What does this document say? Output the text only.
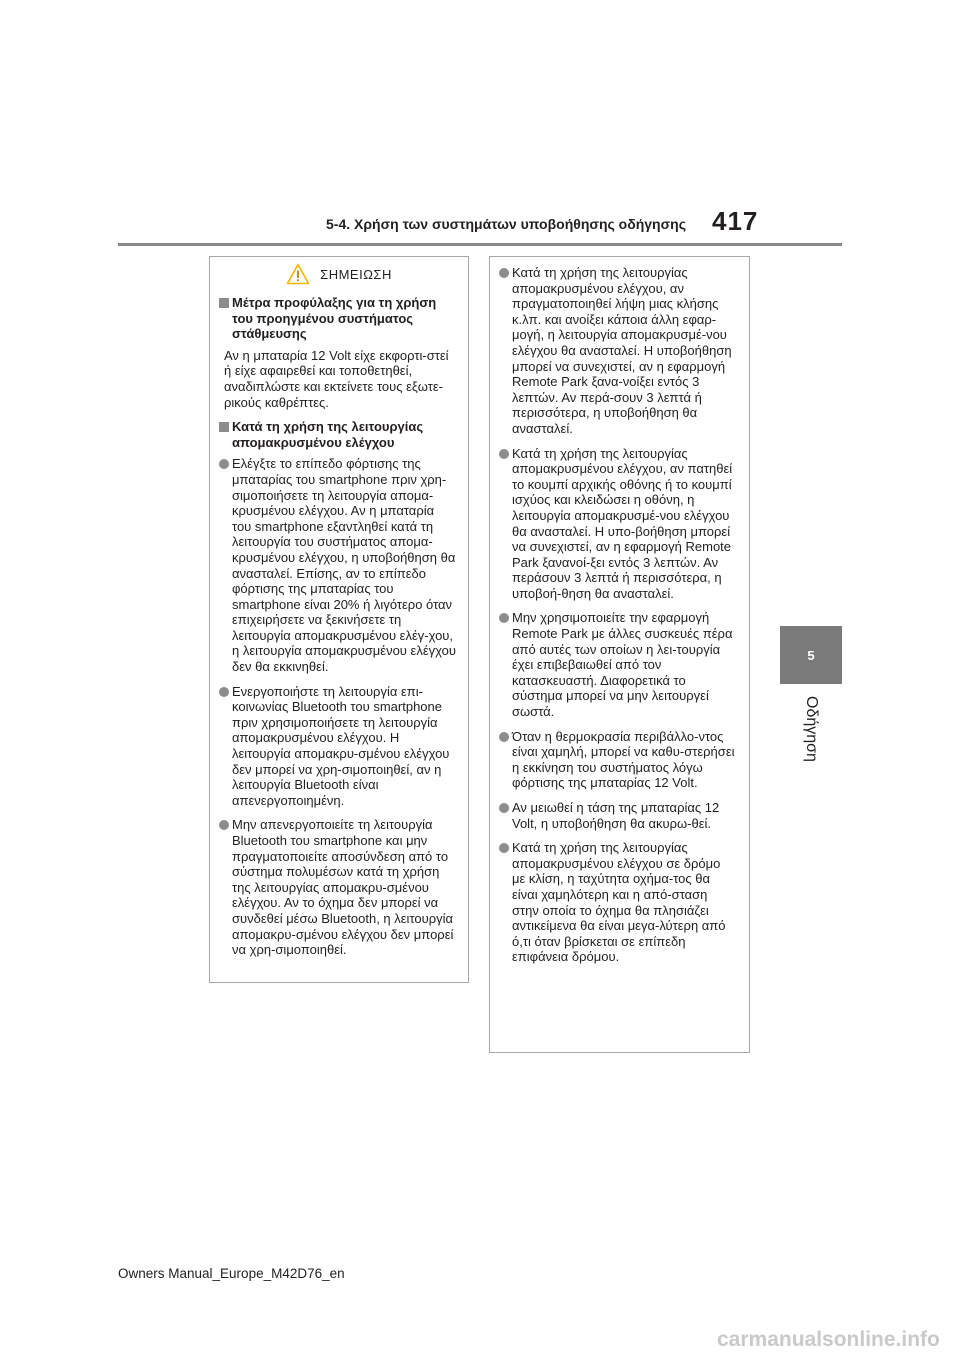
5-4. Χρήση των συστημάτων υποβοήθησης οδήγησης 417
5
Οδήγηση
ΣΗΜΕΙΩΣΗ
Μέτρα προφύλαξης για τη χρήση του προηγμένου συστήματος στάθμευσης
Αν η μπαταρία 12 Volt είχε εκφορτι-στεί ή είχε αφαιρεθεί και τοποθετηθεί, αναδιπλώστε και εκτείνετε τους εξωτε-ρικούς καθρέπτες.
Κατά τη χρήση της λειτουργίας απομακρυσμένου ελέγχου
Ελέγξτε το επίπεδο φόρτισης της μπαταρίας του smartphone πριν χρη-σιμοποιήσετε τη λειτουργία απομα-κρυσμένου ελέγχου. Αν η μπαταρία του smartphone εξαντληθεί κατά τη λειτουργία του συστήματος απομα-κρυσμένου ελέγχου, η υποβοήθηση θα ανασταλεί. Επίσης, αν το επίπεδο φόρτισης της μπαταρίας του smartphone είναι 20% ή λιγότερο όταν επιχειρήσετε να ξεκινήσετε τη λειτουργία απομακρυσμένου ελέγ-χου, η λειτουργία απομακρυσμένου ελέγχου δεν θα εκκινηθεί.
Ενεργοποιήστε τη λειτουργία επι-κοινωνίας Bluetooth του smartphone πριν χρησιμοποιήσετε τη λειτουργία απομακρυσμένου ελέγχου. Η λειτουργία απομακρυ-σμένου ελέγχου δεν μπορεί να χρη-σιμοποιηθεί, αν η λειτουργία Bluetooth είναι απενεργοποιημένη.
Μην απενεργοποιείτε τη λειτουργία Bluetooth του smartphone και μην πραγματοποιείτε αποσύνδεση από το σύστημα πολυμέσων κατά τη χρήση της λειτουργίας απομακρυ-σμένου ελέγχου. Αν το όχημα δεν μπορεί να συνδεθεί μέσω Bluetooth, η λειτουργία απομακρυ-σμένου ελέγχου δεν μπορεί να χρη-σιμοποιηθεί.
Κατά τη χρήση της λειτουργίας απομακρυσμένου ελέγχου, αν πραγματοποιηθεί λήψη μιας κλήσης κ.λπ. και ανοίξει κάποια άλλη εφαρ-μογή, η λειτουργία απομακρυσμέ-νου ελέγχου θα ανασταλεί. Η υποβοήθηση μπορεί να συνεχιστεί, αν η εφαρμογή Remote Park ξανα-νοίξει εντός 3 λεπτών. Αν περά-σουν 3 λεπτά ή περισσότερα, η υποβοήθηση θα ανασταλεί.
Κατά τη χρήση της λειτουργίας απομακρυσμένου ελέγχου, αν πατηθεί το κουμπί αρχικής οθόνης ή το κουμπί ισχύος και κλειδώσει η οθόνη, η λειτουργία απομακρυσμέ-νου ελέγχου θα ανασταλεί. Η υπο-βοήθηση μπορεί να συνεχιστεί, αν η εφαρμογή Remote Park ξανανοί-ξει εντός 3 λεπτών. Αν περάσουν 3 λεπτά ή περισσότερα, η υποβοή-θηση θα ανασταλεί.
Μην χρησιμοποιείτε την εφαρμογή Remote Park με άλλες συσκευές πέρα από αυτές των οποίων η λει-τουργία έχει επιβεβαιωθεί από τον κατασκευαστή. Διαφορετικά το σύστημα μπορεί να μην λειτουργεί σωστά.
Όταν η θερμοκρασία περιβάλλο-ντος είναι χαμηλή, μπορεί να καθυ-στερήσει η εκκίνηση του συστήματος λόγω φόρτισης της μπαταρίας 12 Volt.
Αν μειωθεί η τάση της μπαταρίας 12 Volt, η υποβοήθηση θα ακυρω-θεί.
Κατά τη χρήση της λειτουργίας απομακρυσμένου ελέγχου σε δρόμο με κλίση, η ταχύτητα οχήμα-τος θα είναι χαμηλότερη και η από-σταση στην οποία το όχημα θα πλησιάζει αντικείμενα θα είναι μεγα-λύτερη από ό,τι όταν βρίσκεται σε επίπεδη επιφάνεια δρόμου.
Owners Manual_Europe_M42D76_en
carmanualsonline.info
